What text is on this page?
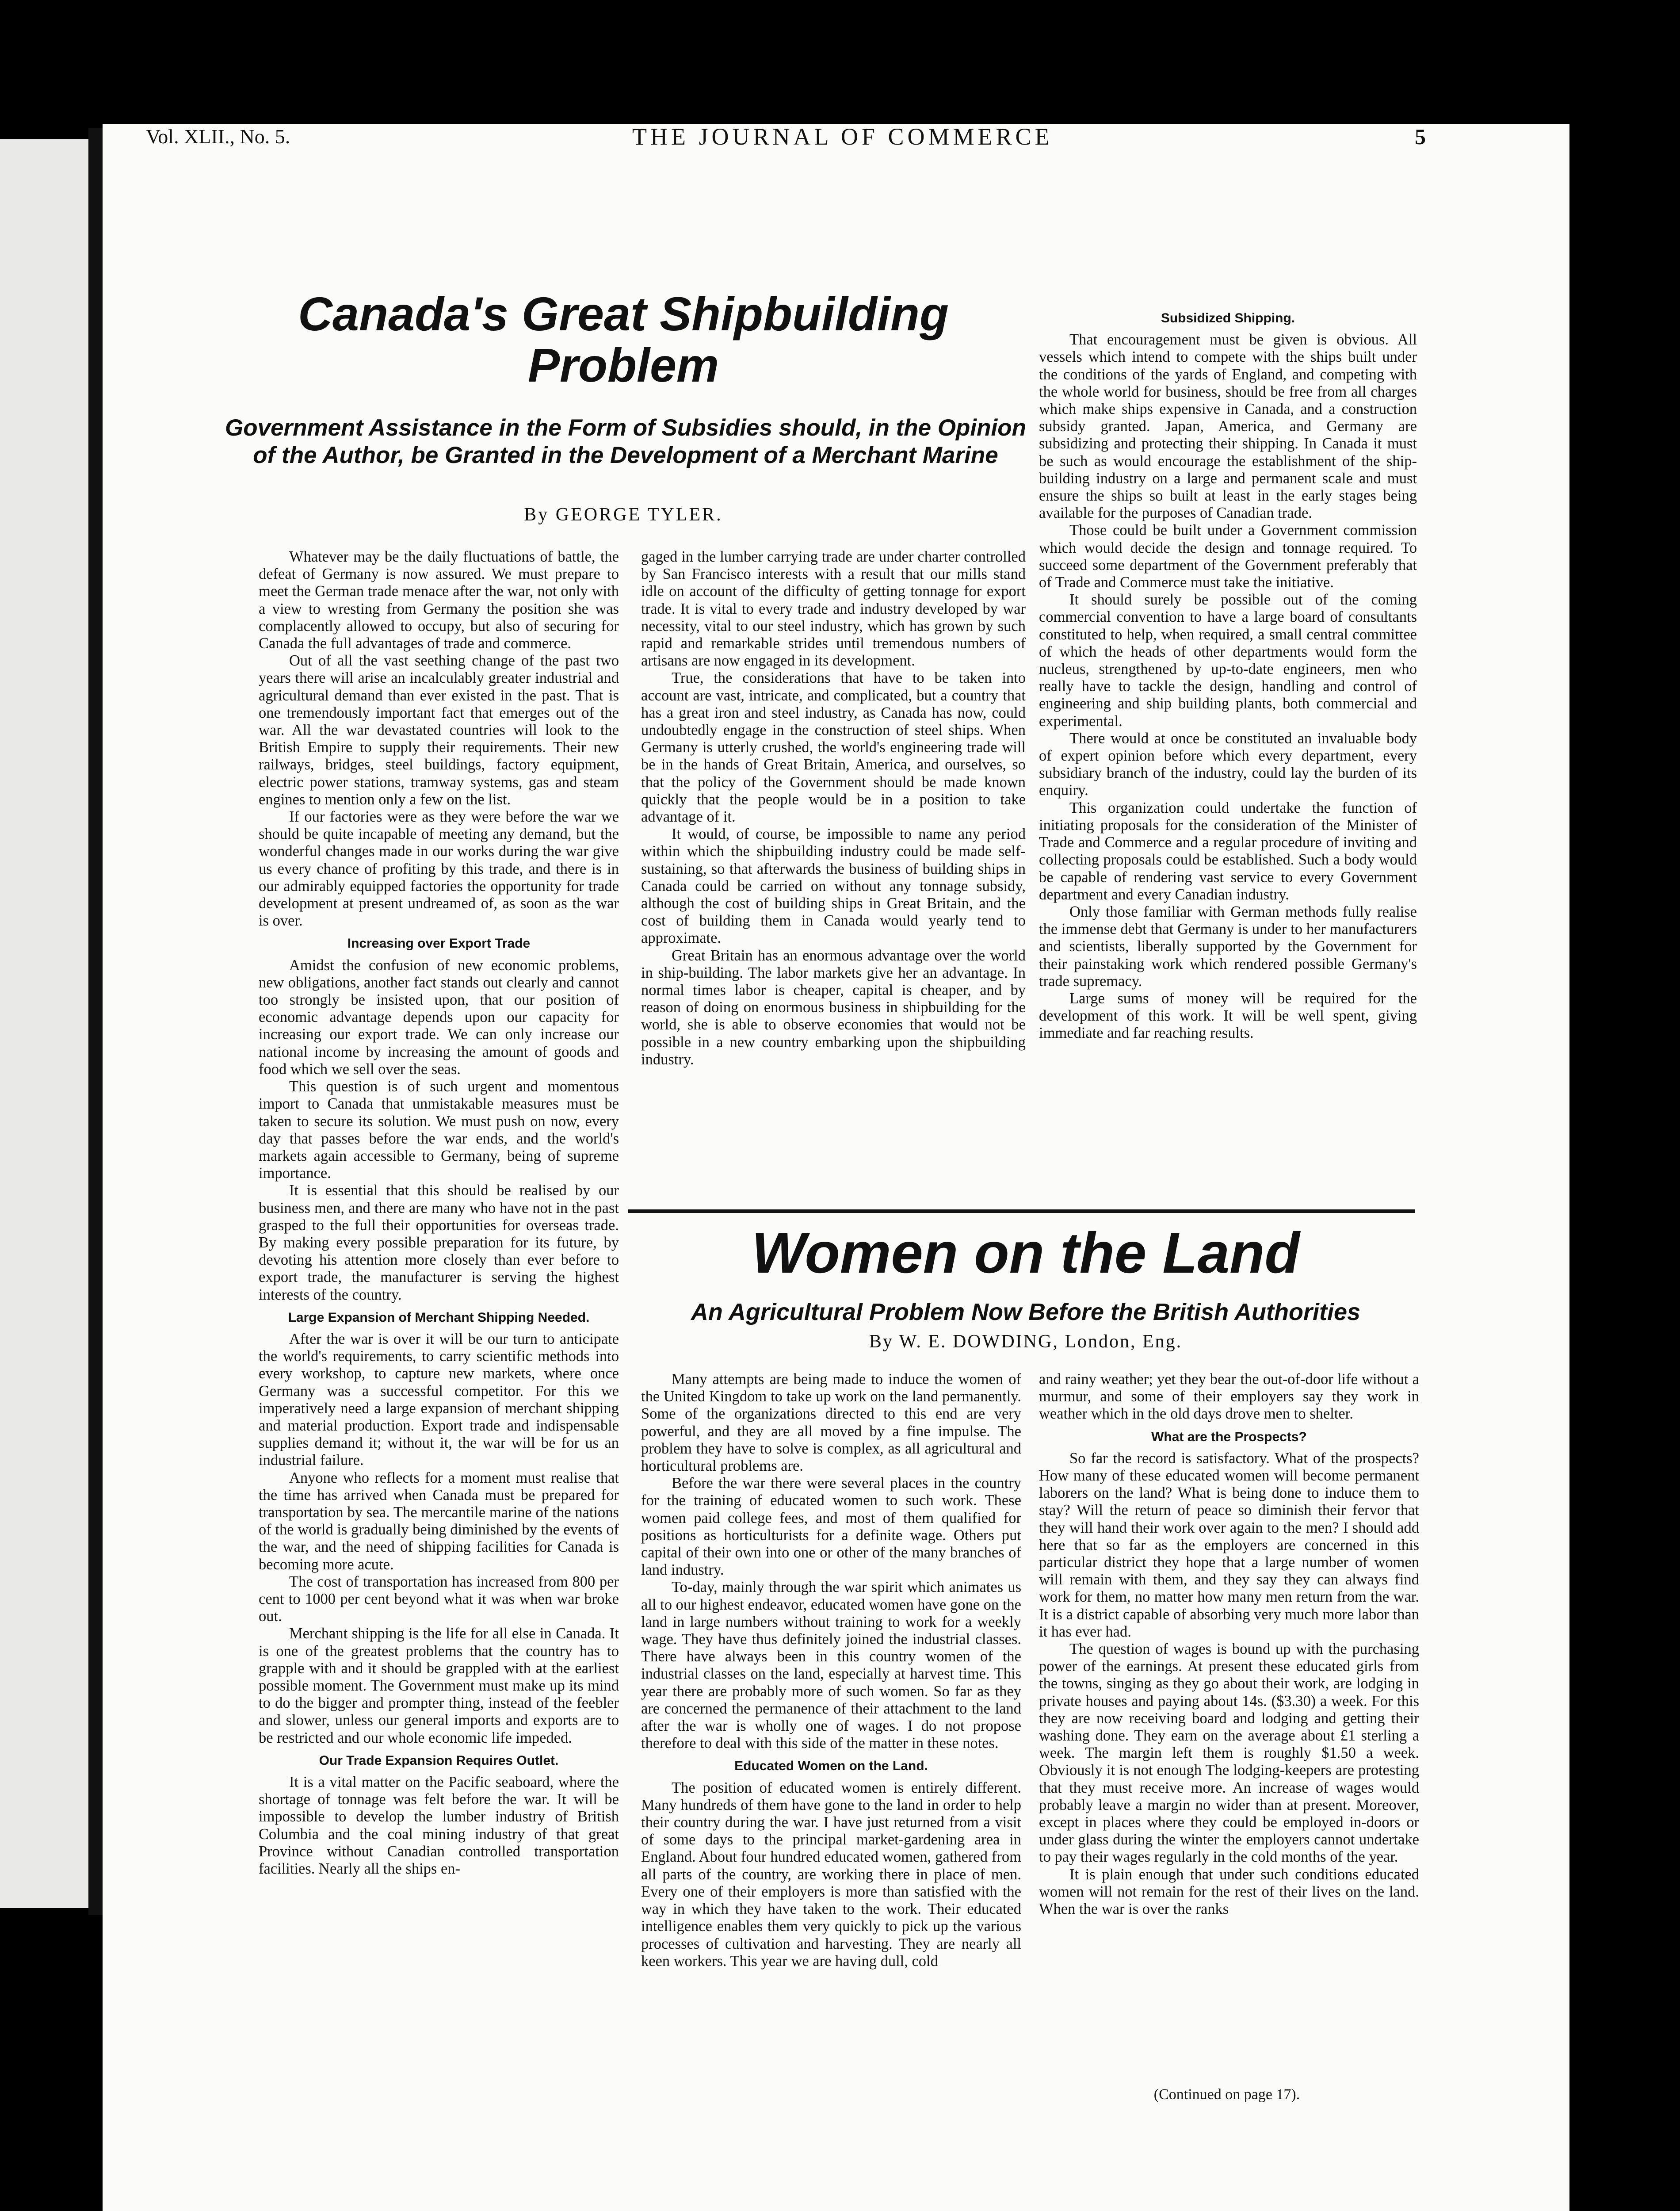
Vol. XLII., No. 5.	THE JOURNAL OF COMMERCE	5
Canada's Great Shipbuilding
Problem
Government Assistance in the Form of Subsidies should, in the Opinion of the Author, be Granted in the Development of a Merchant Marine
By GEORGE TYLER.

Whatever may be the daily fluctuations of battle, the defeat of Germany is now assured. We must prepare to meet the German trade menace after the war, not only with a view to wresting from Germany the position she was complacently allowed to occupy, but also of securing for Canada the full advantages of trade and commerce.

Out of all the vast seething change of the past two years there will arise an incalculably greater industrial and agricultural demand than ever existed in the past. That is one tremendously important fact that emerges out of the war. All the war devastated countries will look to the British Empire to supply their requirements. Their new railways, bridges, steel buildings, factory equipment, electric power stations, tramway systems, gas and steam engines to mention only a few on the list.

If our factories were as they were before the war we should be quite incapable of meeting any demand, but the wonderful changes made in our works during the war give us every chance of profiting by this trade, and there is in our admirably equipped factories the opportunity for trade development at present undreamed of, as soon as the war is over.

Increasing over Export Trade

Amidst the confusion of new economic problems, new obligations, another fact stands out clearly and cannot too strongly be insisted upon, that our position of economic advantage depends upon our capacity for increasing our export trade. We can only increase our national income by increasing the amount of goods and food which we sell over the seas.

This question is of such urgent and momentous import to Canada that unmistakable measures must be taken to secure its solution. We must push on now, every day that passes before the war ends, and the world's markets again accessible to Germany, being of supreme importance.

It is essential that this should be realised by our business men, and there are many who have not in the past grasped to the full their opportunities for overseas trade. By making every possible preparation for its future, by devoting his attention more closely than ever before to export trade, the manufacturer is serving the highest interests of the country.

Large Expansion of Merchant Shipping Needed.

After the war is over it will be our turn to anticipate the world's requirements, to carry scientific methods into every workshop, to capture new markets, where once Germany was a successful competitor. For this we imperatively need a large expansion of merchant shipping and material production. Export trade and indispensable supplies demand it; without it, the war will be for us an industrial failure.

Anyone who reflects for a moment must realise that the time has arrived when Canada must be prepared for transportation by sea. The mercantile marine of the nations of the world is gradually being diminished by the events of the war, and the need of shipping facilities for Canada is becoming more acute.

The cost of transportation has increased from 800 per cent to 1000 per cent beyond what it was when war broke out.

Merchant shipping is the life for all else in Canada. It is one of the greatest problems that the country has to grapple with and it should be grappled with at the earliest possible moment. The Government must make up its mind to do the bigger and prompter thing, instead of the feebler and slower, unless our general imports and exports are to be restricted and our whole economic life impeded.

Our Trade Expansion Requires Outlet.

It is a vital matter on the Pacific seaboard, where the shortage of tonnage was felt before the war. It will be impossible to develop the lumber industry of British Columbia and the coal mining industry of that great Province without Canadian controlled transportation facilities. Nearly all the ships en-

gaged in the lumber carrying trade are under charter controlled by San Francisco interests with a result that our mills stand idle on account of the difficulty of getting tonnage for export trade. It is vital to every trade and industry developed by war necessity, vital to our steel industry, which has grown by such rapid and remarkable strides until tremendous numbers of artisans are now engaged in its development.

True, the considerations that have to be taken into account are vast, intricate, and complicated, but a country that has a great iron and steel industry, as Canada has now, could undoubtedly engage in the construction of steel ships. When Germany is utterly crushed, the world's engineering trade will be in the hands of Great Britain, America, and ourselves, so that the policy of the Government should be made known quickly that the people would be in a position to take advantage of it.

It would, of course, be impossible to name any period within which the shipbuilding industry could be made self-sustaining, so that afterwards the business of building ships in Canada could be carried on without any tonnage subsidy, although the cost of building ships in Great Britain, and the cost of building them in Canada would yearly tend to approximate.

Great Britain has an enormous advantage over the world in ship-building. The labor markets give her an advantage. In normal times labor is cheaper, capital is cheaper, and by reason of doing on enormous business in shipbuilding for the world, she is able to observe economies that would not be possible in a new country embarking upon the shipbuilding industry.

Subsidized Shipping.

That encouragement must be given is obvious. All vessels which intend to compete with the ships built under the conditions of the yards of England, and competing with the whole world for business, should be free from all charges which make ships expensive in Canada, and a construction subsidy granted. Japan, America, and Germany are subsidizing and protecting their shipping. In Canada it must be such as would encourage the establishment of the ship-building industry on a large and permanent scale and must ensure the ships so built at least in the early stages being available for the purposes of Canadian trade.

Those could be built under a Government commission which would decide the design and tonnage required. To succeed some department of the Government preferably that of Trade and Commerce must take the initiative.

It should surely be possible out of the coming commercial convention to have a large board of consultants constituted to help, when required, a small central committee of which the heads of other departments would form the nucleus, strengthened by up-to-date engineers, men who really have to tackle the design, handling and control of engineering and ship building plants, both commercial and experimental.

There would at once be constituted an invaluable body of expert opinion before which every department, every subsidiary branch of the industry, could lay the burden of its enquiry.

This organization could undertake the function of initiating proposals for the consideration of the Minister of Trade and Commerce and a regular procedure of inviting and collecting proposals could be established. Such a body would be capable of rendering vast service to every Government department and every Canadian industry.

Only those familiar with German methods fully realise the immense debt that Germany is under to her manufacturers and scientists, liberally supported by the Government for their painstaking work which rendered possible Germany's trade supremacy.

Large sums of money will be required for the development of this work. It will be well spent, giving immediate and far reaching results.

Women on the Land
An Agricultural Problem Now Before the British Authorities
By W. E. DOWDING, London, Eng.

Many attempts are being made to induce the women of the United Kingdom to take up work on the land permanently. Some of the organizations directed to this end are very powerful, and they are all moved by a fine impulse. The problem they have to solve is complex, as all agricultural and horticultural problems are.

Before the war there were several places in the country for the training of educated women to such work. These women paid college fees, and most of them qualified for positions as horticulturists for a definite wage. Others put capital of their own into one or other of the many branches of land industry.

To-day, mainly through the war spirit which animates us all to our highest endeavor, educated women have gone on the land in large numbers without training to work for a weekly wage. They have thus definitely joined the industrial classes. There have always been in this country women of the industrial classes on the land, especially at harvest time. This year there are probably more of such women. So far as they are concerned the permanence of their attachment to the land after the war is wholly one of wages. I do not propose therefore to deal with this side of the matter in these notes.

Educated Women on the Land.

The position of educated women is entirely different. Many hundreds of them have gone to the land in order to help their country during the war. I have just returned from a visit of some days to the principal market-gardening area in England. About four hundred educated women, gathered from all parts of the country, are working there in place of men. Every one of their employers is more than satisfied with the way in which they have taken to the work. Their educated intelligence enables them very quickly to pick up the various processes of cultivation and harvesting. They are nearly all keen workers. This year we are having dull, cold

and rainy weather; yet they bear the out-of-door life without a murmur, and some of their employers say they work in weather which in the old days drove men to shelter.

What are the Prospects?

So far the record is satisfactory. What of the prospects? How many of these educated women will become permanent laborers on the land? What is being done to induce them to stay? Will the return of peace so diminish their fervor that they will hand their work over again to the men? I should add here that so far as the employers are concerned in this particular district they hope that a large number of women will remain with them, and they say they can always find work for them, no matter how many men return from the war. It is a district capable of absorbing very much more labor than it has ever had.

The question of wages is bound up with the purchasing power of the earnings. At present these educated girls from the towns, singing as they go about their work, are lodging in private houses and paying about 14s. ($3.30) a week. For this they are now receiving board and lodging and getting their washing done. They earn on the average about £1 sterling a week. The margin left them is roughly $1.50 a week. Obviously it is not enough The lodging-keepers are protesting that they must receive more. An increase of wages would probably leave a margin no wider than at present. Moreover, except in places where they could be employed in-doors or under glass during the winter the employers cannot undertake to pay their wages regularly in the cold months of the year.

It is plain enough that under such conditions educated women will not remain for the rest of their lives on the land. When the war is over the ranks

(Continued on page 17).
